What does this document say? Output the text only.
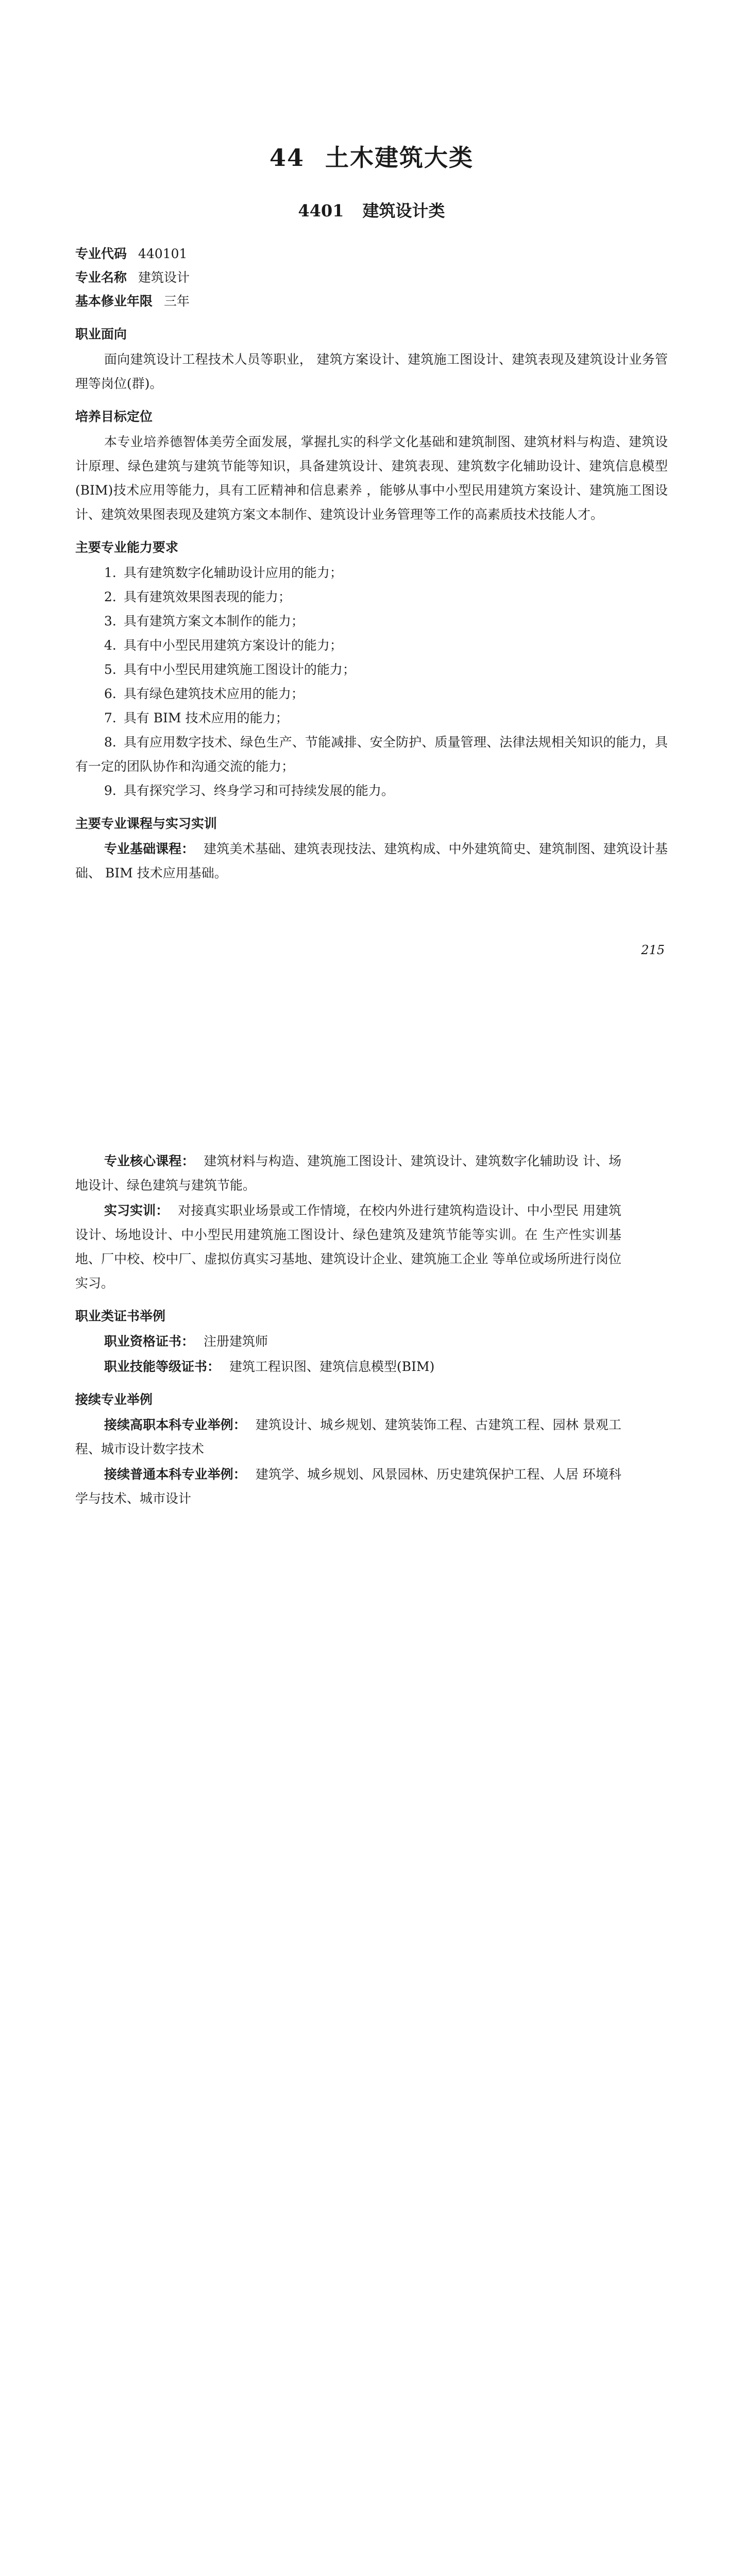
44 土木建筑大类
4401 建筑设计类
专业代码 440101
专业名称 建筑设计
基本修业年限 三年
职业面向

面向建筑设计工程技术人员等职业， 建筑方案设计、建筑施工图设计、建筑表现及建筑设计业务管理等岗位(群)。

培养目标定位

本专业培养德智体美劳全面发展，掌握扎实的科学文化基础和建筑制图、建筑材料与构造、建筑设计原理、绿色建筑与建筑节能等知识，具备建筑设计、建筑表现、建筑数字化辅助设计、建筑信息模型(BIM)技术应用等能力，具有工匠精神和信息素养 ，能够从事中小型民用建筑方案设计、建筑施工图设计、建筑效果图表现及建筑方案文本制作、建筑设计业务管理等工作的高素质技术技能人才。

主要专业能力要求
1. 具有建筑数字化辅助设计应用的能力；
2. 具有建筑效果图表现的能力；
3. 具有建筑方案文本制作的能力；
4. 具有中小型民用建筑方案设计的能力；
5. 具有中小型民用建筑施工图设计的能力；
6. 具有绿色建筑技术应用的能力；
7. 具有 BIM 技术应用的能力；
8. 具有应用数字技术、绿色生产、节能减排、安全防护、质量管理、法律法规相关知识的能力，具有一定的团队协作和沟通交流的能力；
9. 具有探究学习、终身学习和可持续发展的能力。
主要专业课程与实习实训

专业基础课程： 建筑美术基础、建筑表现技法、建筑构成、中外建筑简史、建筑制图、建筑设计基础、 BIM 技术应用基础。

215

专业核心课程： 建筑材料与构造、建筑施工图设计、建筑设计、建筑数字化辅助设 计、场地设计、绿色建筑与建筑节能。

实习实训： 对接真实职业场景或工作情境，在校内外进行建筑构造设计、中小型民 用建筑设计、场地设计、中小型民用建筑施工图设计、绿色建筑及建筑节能等实训。在 生产性实训基地、厂中校、校中厂、虚拟仿真实习基地、建筑设计企业、建筑施工企业 等单位或场所进行岗位实习。

职业类证书举例

职业资格证书： 注册建筑师

职业技能等级证书： 建筑工程识图、建筑信息模型(BIM)

接续专业举例

接续高职本科专业举例： 建筑设计、城乡规划、建筑装饰工程、古建筑工程、园林 景观工程、城市设计数字技术

接续普通本科专业举例： 建筑学、城乡规划、风景园林、历史建筑保护工程、人居 环境科学与技术、城市设计
